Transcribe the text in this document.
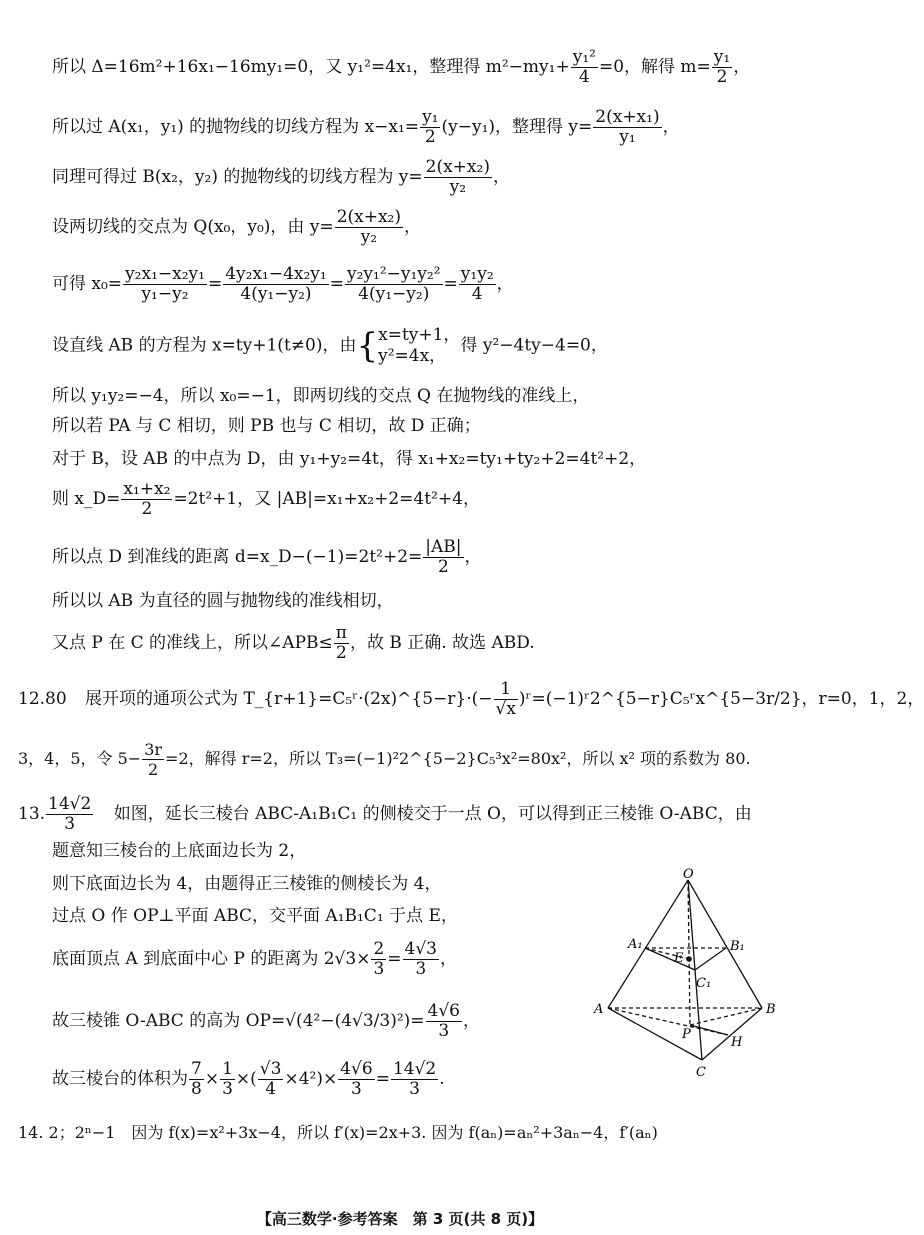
所以 Δ=16m²+16x₁−16my₁=0，又 y₁²=4x₁，整理得 $m^2-my_1+ \frac{\text{y₁²}}{4} =0$，解得 $m= \frac{\text{y₁}}{2}$ ，
所以过 A(x₁，y₁) 的抛物线的切线方程为 $x-x_1= \frac{\text{y₁}}{2} (y-y_1)$，整理得 $y= \frac{\text{2(x+x₁)}}{\text{y₁}}$ ，
同理可得过 B(x₂，y₂) 的抛物线的切线方程为 $y= \frac{\text{2(x+x₂)}}{\text{y₂}}$ ，
设两切线的交点为 Q(x₀，y₀)，由 $y= \frac{\text{2(x+x₂)}}{\text{y₂}}$ ，
可得 $x_0= \frac{\text{y₂x₁−x₂y₁}}{\text{y₁−y₂}} = \frac{\text{4y₂x₁−4x₂y₁}}{\text{4(y₁−y₂)}} = \frac{\text{y₂y₁²−y₁y₂²}}{\text{4(y₁−y₂)}} = \frac{\text{y₁y₂}}{4}$ ，
设直线 AB 的方程为 x=ty+1(t≠0)，由{ x=ty+1，
y²=4x，
得 y²−4ty−4=0，
所以 y₁y₂=−4，所以 x₀=−1，即两切线的交点 Q 在抛物线的准线上，
所以若 PA 与 C 相切，则 PB 也与 C 相切，故 D 正确；
对于 B，设 AB 的中点为 D，由 y₁+y₂=4t，得 x₁+x₂=ty₁+ty₂+2=4t²+2，
则 x_D= $\frac{\text{x₁+x₂}}{2} =2t^2+1$，又 |AB|=x₁+x₂+2=4t²+4，
所以点 D 到准线的距离 d=x_D−(−1)=2t²+2= $\frac{|AB|}{2}$ ，
所以以 AB 为直径的圆与抛物线的准线相切，
又点 P 在 C 的准线上，所以∠APB≤ $\frac{\pi}{2}$ ，故 B 正确. 故选 ABD.
12.80 展开项的通项公式为 T_{r+1}=C₅ʳ·(2x)^{5−r}·(− $\frac{1}{√x}$ )ʳ=(−1)ʳ2^{5−r}C₅ʳx^{5−3r/2}，r=0，1，2，
3，4，5，令 $5- \frac{3r}{2} =2$，解得 r=2，所以 T₃=(−1)²2^{5−2}C₅³x²=80x²，所以 x² 项的系数为 80.
13. $\frac{14√2}{3}$ 如图，延长三棱台 ABC-A₁B₁C₁ 的侧棱交于一点 O，可以得到正三棱锥 O-ABC，由
题意知三棱台的上底面边长为 2，
则下底面边长为 4，由题得正三棱锥的侧棱长为 4，
过点 O 作 OP⊥平面 ABC，交平面 A₁B₁C₁ 于点 E，
底面顶点 A 到底面中心 P 的距离为 $2√3\times \frac{2}{3} = \frac{4√3}{3}$ ，
故三棱锥 O-ABC 的高为 $OP=√(4^2-(4√3/3)^2)= \frac{4√6}{3}$ ，
故三棱台的体积为 $\frac{7}{8} \times \frac{1}{3}$ ×( $\frac{√3}{4} \times 4^2)\times \frac{4√6}{3} = \frac{14√2}{3}$ .
14. 2；2ⁿ−1　因为 f(x)=x²+3x−4，所以 f′(x)=2x+3. 因为 f(aₙ)=aₙ²+3aₙ−4，f′(aₙ)
O
A₁	B₁
E
C₁
A	B
P
H
C
【高三数学·参考答案　第 3 页(共 8 页)】
